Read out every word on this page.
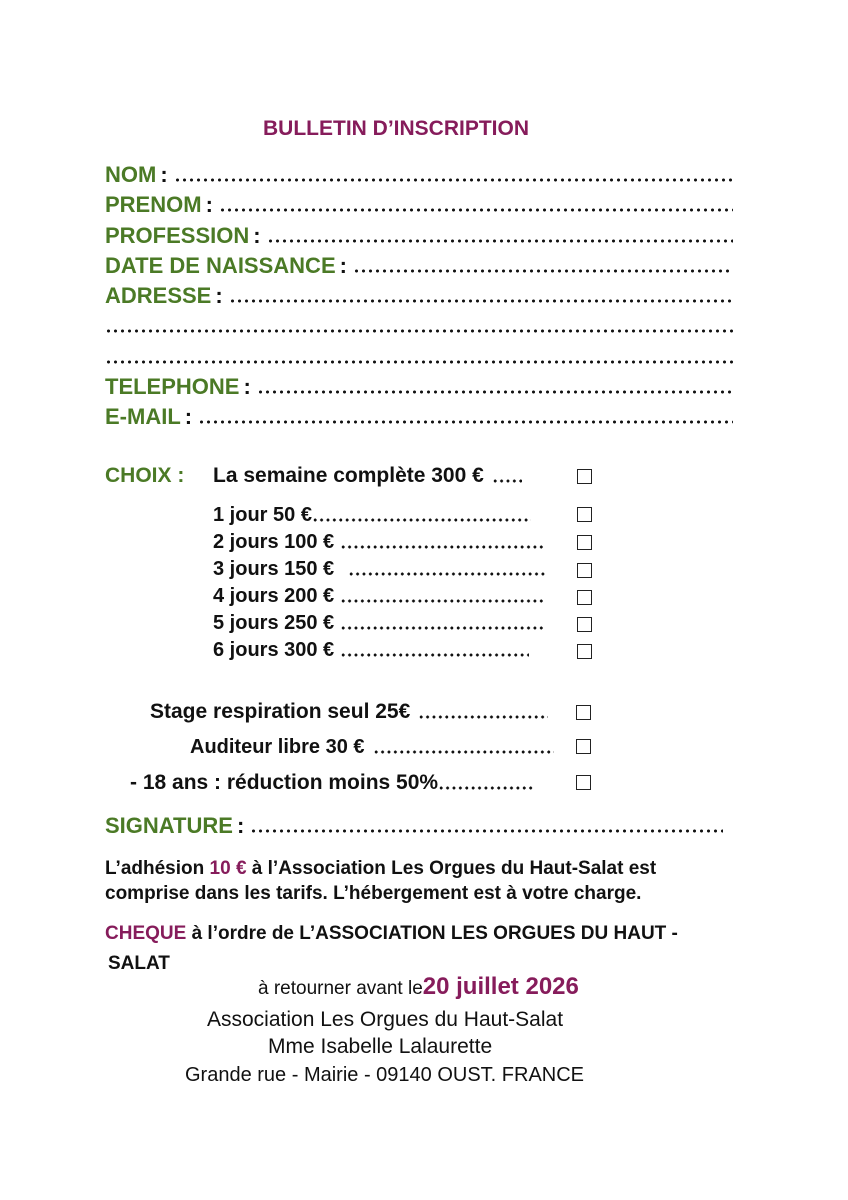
BULLETIN D’INSCRIPTION
NOM :
PRENOM :
PROFESSION :
DATE DE NAISSANCE :
ADRESSE :
TELEPHONE :
E-MAIL :
CHOIX : La semaine complète 300 €
1 jour 50 €
2 jours 100 €
3 jours 150 €
4 jours 200 €
5 jours 250 €
6 jours 300 €
Stage respiration seul 25€
Auditeur libre 30 €
- 18 ans : réduction moins 50%
SIGNATURE :
L’adhésion 10 € à l’Association Les Orgues du Haut-Salat est
comprise dans les tarifs. L’hébergement est à votre charge.
CHEQUE à l’ordre de L’ASSOCIATION LES ORGUES DU HAUT -
SALAT
à retourner avant le 20 juillet 2026
Association Les Orgues du Haut-Salat
Mme Isabelle Lalaurette
Grande rue - Mairie - 09140 OUST. FRANCE
